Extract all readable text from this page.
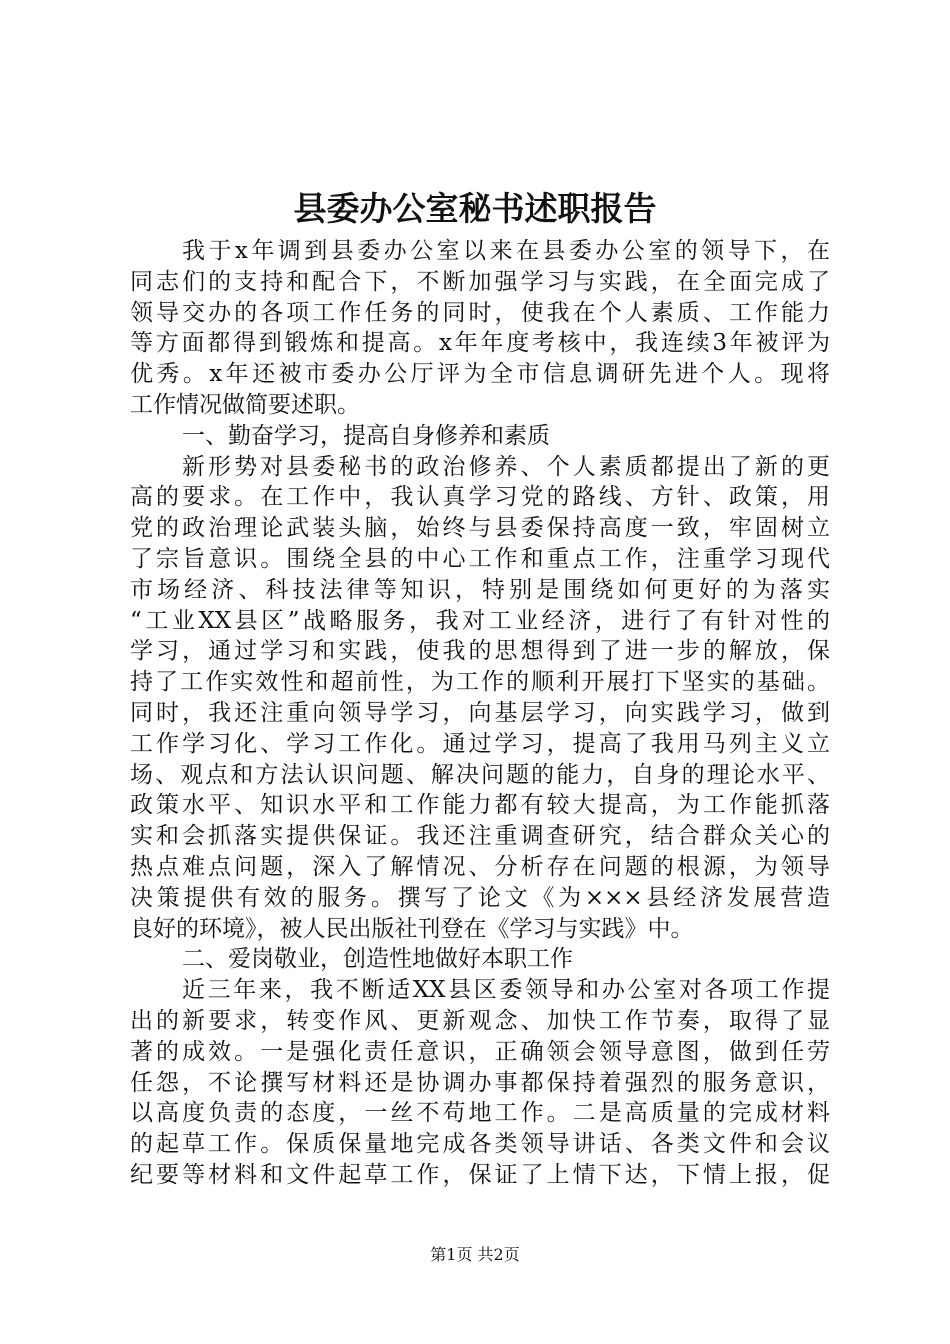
县委办公室秘书述职报告
我于x年调到县委办公室以来在县委办公室的领导下，在
同志们的支持和配合下，不断加强学习与实践，在全面完成了
领导交办的各项工作任务的同时，使我在个人素质、工作能力
等方面都得到锻炼和提高。x年年度考核中，我连续3年被评为
优秀。x年还被市委办公厅评为全市信息调研先进个人。现将
工作情况做简要述职。
一、勤奋学习，提高自身修养和素质
新形势对县委秘书的政治修养、个人素质都提出了新的更
高的要求。在工作中，我认真学习党的路线、方针、政策，用
党的政治理论武装头脑，始终与县委保持高度一致，牢固树立
了宗旨意识。围绕全县的中心工作和重点工作，注重学习现代
市场经济、科技法律等知识，特别是围绕如何更好的为落实
“工业XX县区”战略服务，我对工业经济，进行了有针对性的
学习，通过学习和实践，使我的思想得到了进一步的解放，保
持了工作实效性和超前性，为工作的顺利开展打下坚实的基础。
同时，我还注重向领导学习，向基层学习，向实践学习，做到
工作学习化、学习工作化。通过学习，提高了我用马列主义立
场、观点和方法认识问题、解决问题的能力，自身的理论水平、
政策水平、知识水平和工作能力都有较大提高，为工作能抓落
实和会抓落实提供保证。我还注重调查研究，结合群众关心的
热点难点问题，深入了解情况、分析存在问题的根源，为领导
决策提供有效的服务。撰写了论文《为×××县经济发展营造
良好的环境》，被人民出版社刊登在《学习与实践》中。
二、爱岗敬业，创造性地做好本职工作
近三年来，我不断适XX县区委领导和办公室对各项工作提
出的新要求，转变作风、更新观念、加快工作节奏，取得了显
著的成效。一是强化责任意识，正确领会领导意图，做到任劳
任怨，不论撰写材料还是协调办事都保持着强烈的服务意识，
以高度负责的态度，一丝不苟地工作。二是高质量的完成材料
的起草工作。保质保量地完成各类领导讲话、各类文件和会议
纪要等材料和文件起草工作，保证了上情下达，下情上报，促
第1页 共2页
